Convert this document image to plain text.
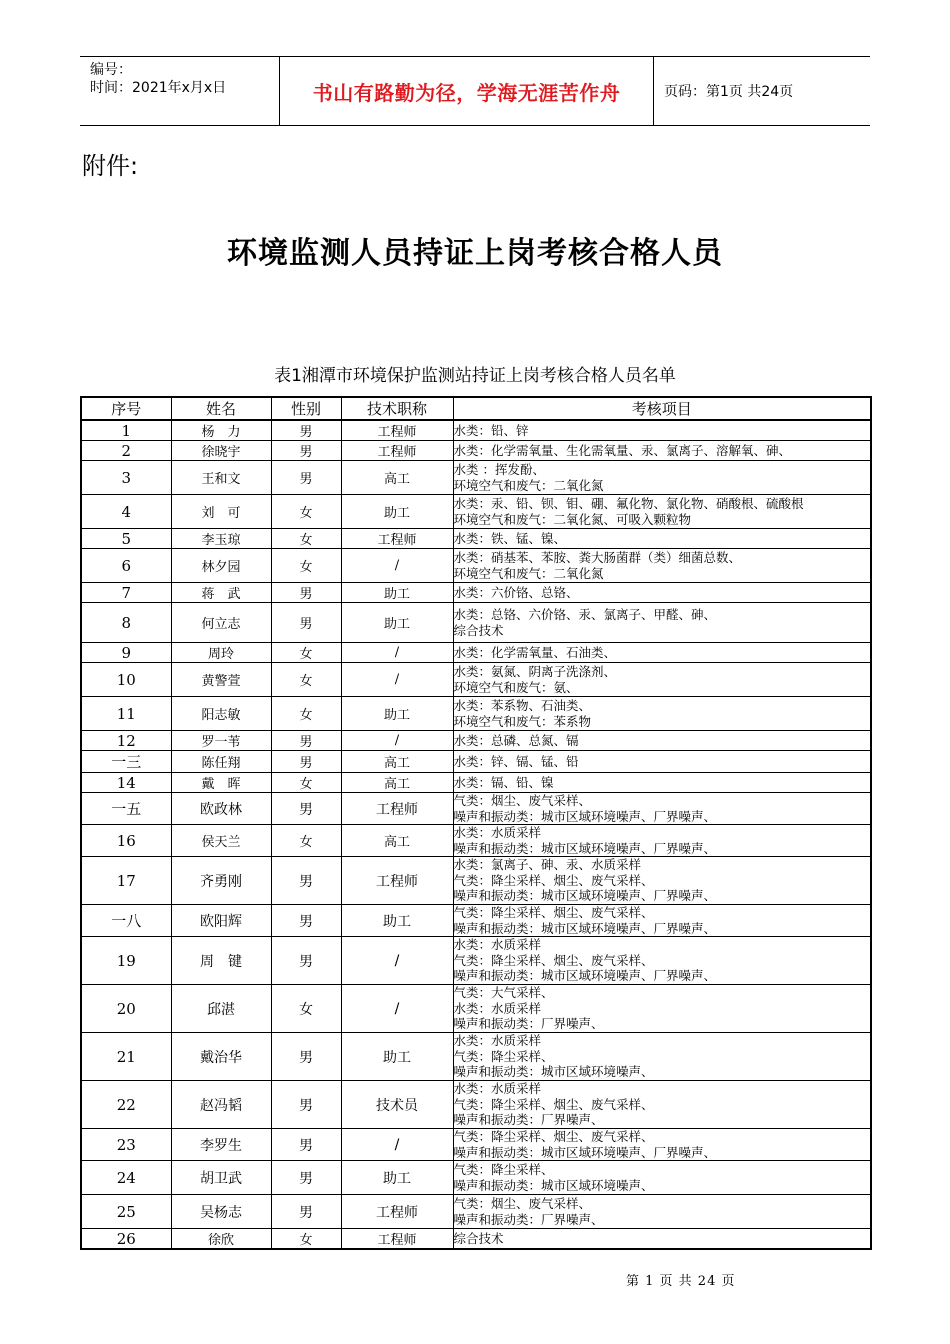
编号：
时间：2021年x月x日	书山有路勤为径，学海无涯苦作舟	页码：第1页 共24页
附件:
环境监测人员持证上岗考核合格人员
表1湘潭市环境保护监测站持证上岗考核合格人员名单
序号	姓名	性别	技术职称	考核项目
1	杨　力	男	工程师	水类：铅、锌

2	徐晓宇	男	工程师	水类：化学需氧量、生化需氧量、汞、氯离子、溶解氧、砷、

3	王和文	男	高工	水类 ：挥发酚、
环境空气和废气：二氧化氮

4	刘　可	女	助工	水类：汞、铅、钡、钼、硼、氟化物、氯化物、硝酸根、硫酸根
环境空气和废气：二氧化氮、可吸入颗粒物

5	李玉琼	女	工程师	水类：铁、锰、镍、

6	林夕园	女	/	水类：硝基苯、苯胺、粪大肠菌群（类）细菌总数、
环境空气和废气：二氧化氮

7	蒋　武	男	助工	水类：六价铬、总铬、

8	何立志	男	助工	水类：总铬、六价铬、汞、氯离子、甲醛、砷、
综合技术

9	周玲	女	/	水类：化学需氧量、石油类、

10	黄警萱	女	/	水类：氨氮、阴离子洗涤剂、
环境空气和废气：氨、

11	阳志敏	女	助工	水类：苯系物、石油类、
环境空气和废气：苯系物

12	罗一苇	男	/	水类：总磷、总氮、镉

一三	陈任翔	男	高工	水类：锌、镉、锰、铅

14	戴　晖	女	高工	水类：镉、铅、镍

一五	欧政林	男	工程师	气类：烟尘、废气采样、
噪声和振动类：城市区域环境噪声、厂界噪声、

16	侯天兰	女	高工	水类：水质采样
噪声和振动类：城市区域环境噪声、厂界噪声、

17	齐勇刚	男	工程师	水类：氯离子、砷、汞、水质采样
气类：降尘采样、烟尘、废气采样、
噪声和振动类：城市区域环境噪声、厂界噪声、

一八	欧阳辉	男	助工	气类：降尘采样、烟尘、废气采样、
噪声和振动类：城市区域环境噪声、厂界噪声、

19	周　键	男	/	水类：水质采样
气类：降尘采样、烟尘、废气采样、
噪声和振动类：城市区域环境噪声、厂界噪声、

20	邱湛	女	/	气类：大气采样、
水类：水质采样
噪声和振动类：厂界噪声、

21	戴治华	男	助工	水类：水质采样
气类：降尘采样、
噪声和振动类：城市区域环境噪声、

22	赵冯韬	男	技术员	水类：水质采样
气类：降尘采样、烟尘、废气采样、
噪声和振动类：厂界噪声、

23	李罗生	男	/	气类：降尘采样、烟尘、废气采样、
噪声和振动类：城市区域环境噪声、厂界噪声、

24	胡卫武	男	助工	气类：降尘采样、
噪声和振动类：城市区域环境噪声、

25	吴杨志	男	工程师	气类：烟尘、废气采样、
噪声和振动类：厂界噪声、

26	徐欣	女	工程师	综合技术
第 1 页 共 24 页
